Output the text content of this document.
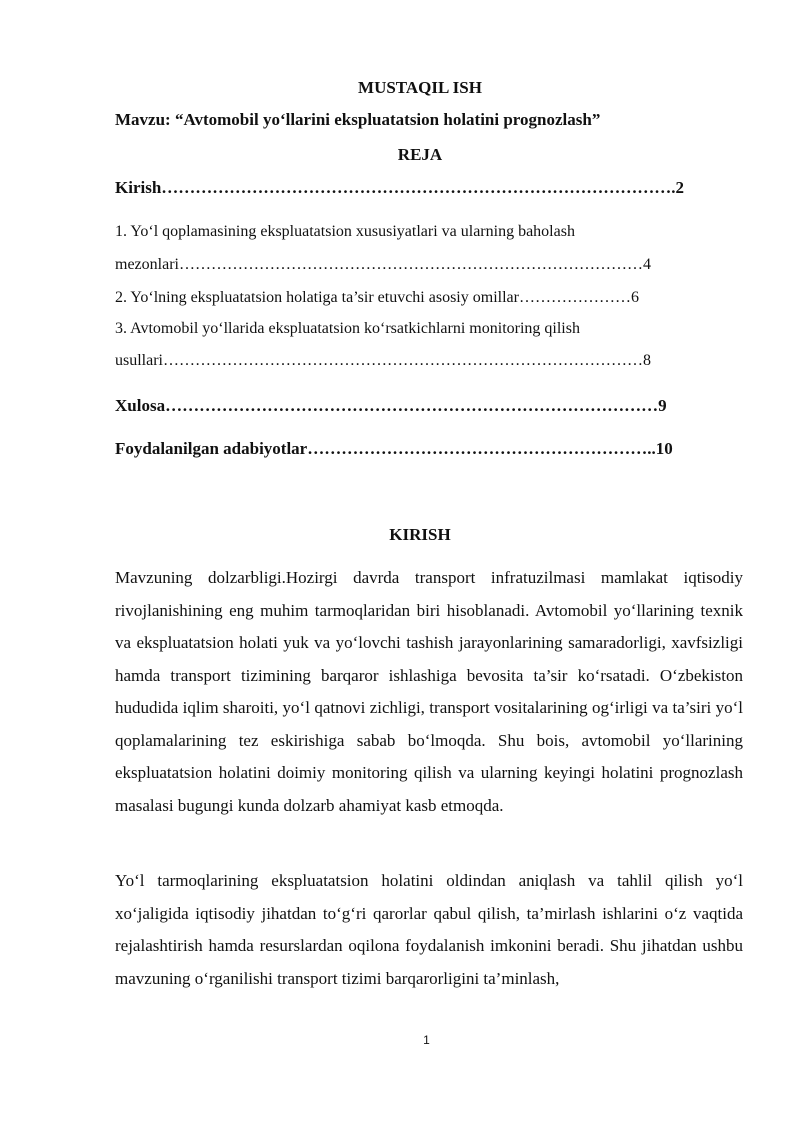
MUSTAQIL ISH
Mavzu: “Avtomobil yo‘llarini ekspluatatsion holatini prognozlash”
REJA
Kirish……………………………………………………………………………….2
1. Yo‘l qoplamasining ekspluatatsion xususiyatlari va ularning baholash
mezonlari……………………………………………………………………………4
2. Yo‘lning ekspluatatsion holatiga ta’sir etuvchi asosiy omillar…………………6
3. Avtomobil yo‘llarida ekspluatatsion ko‘rsatkichlarni monitoring qilish
usullari………………………………………………………………………………8
Xulosa……………………………………………………………………………9
Foydalanilgan adabiyotlar……………………………………………………..10
KIRISH
Mavzuning dolzarbligi.Hozirgi davrda transport infratuzilmasi mamlakat iqtisodiy rivojlanishining eng muhim tarmoqlaridan biri hisoblanadi. Avtomobil yo‘llarining texnik va ekspluatatsion holati yuk va yo‘lovchi tashish jarayonlarining samaradorligi, xavfsizligi hamda transport tizimining barqaror ishlashiga bevosita ta’sir ko‘rsatadi. O‘zbekiston hududida iqlim sharoiti, yo‘l qatnovi zichligi, transport vositalarining og‘irligi va ta’siri yo‘l qoplamalarining tez eskirishiga sabab bo‘lmoqda. Shu bois, avtomobil yo‘llarining ekspluatatsion holatini doimiy monitoring qilish va ularning keyingi holatini prognozlash masalasi bugungi kunda dolzarb ahamiyat kasb etmoqda.
Yo‘l tarmoqlarining ekspluatatsion holatini oldindan aniqlash va tahlil qilish yo‘l xo‘jaligida iqtisodiy jihatdan to‘g‘ri qarorlar qabul qilish, ta’mirlash ishlarini o‘z vaqtida rejalashtirish hamda resurslardan oqilona foydalanish imkonini beradi. Shu jihatdan ushbu mavzuning o‘rganilishi transport tizimi barqarorligini ta’minlash,
1
